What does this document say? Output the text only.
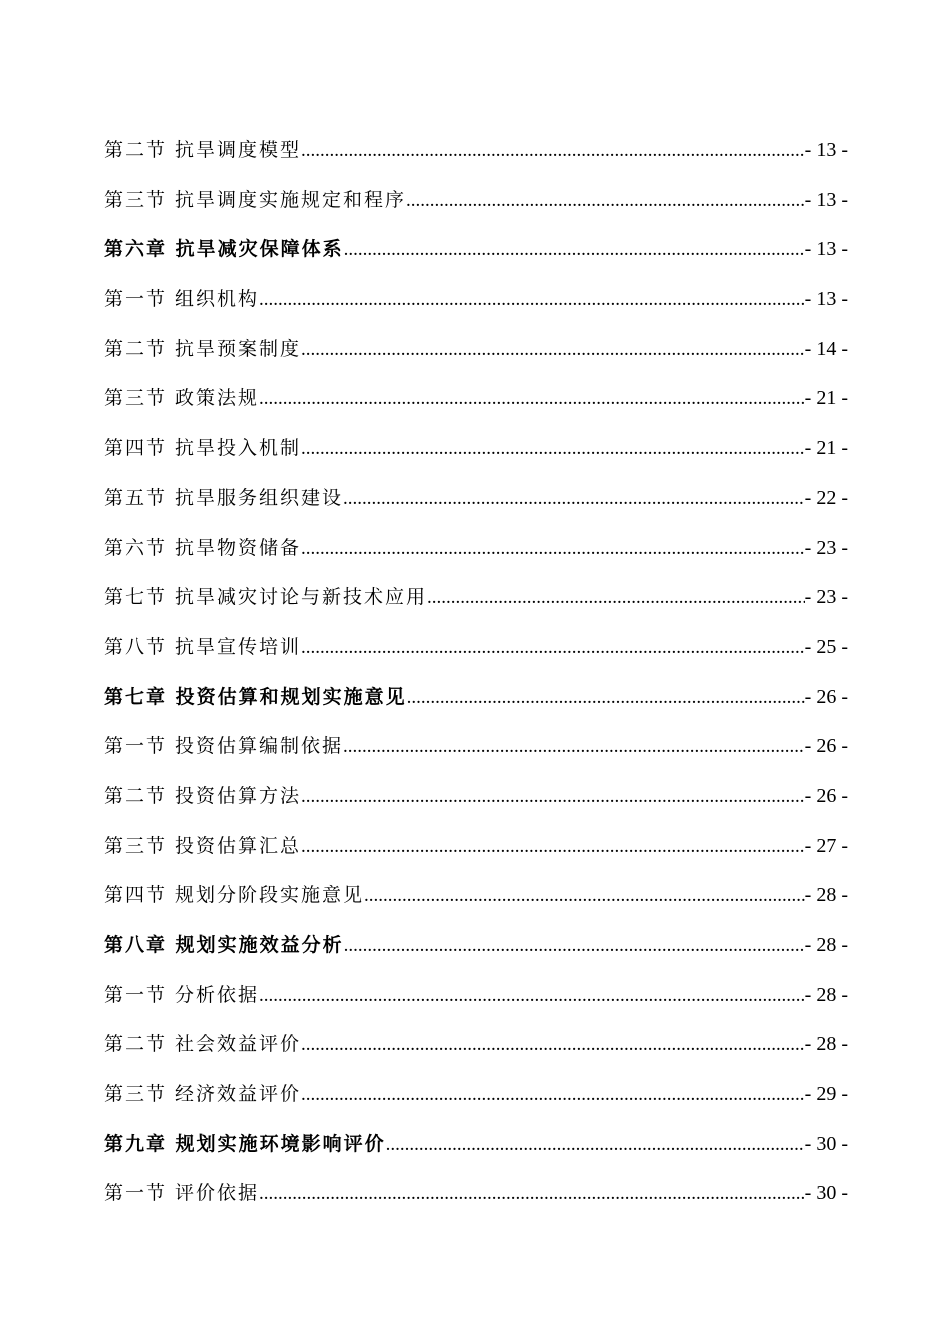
第二节 抗旱调度模型 .....	- 13 -
第三节 抗旱调度实施规定和程序 .....	- 13 -
第六章 抗旱减灾保障体系 .....	- 13 -
第一节 组织机构 .....	- 13 -
第二节 抗旱预案制度 .....	- 14 -
第三节 政策法规 .....	- 21 -
第四节 抗旱投入机制 .....	- 21 -
第五节 抗旱服务组织建设 .....	- 22 -
第六节 抗旱物资储备 .....	- 23 -
第七节 抗旱减灾讨论与新技术应用 .....	- 23 -
第八节 抗旱宣传培训 .....	- 25 -
第七章 投资估算和规划实施意见 .....	- 26 -
第一节 投资估算编制依据 .....	- 26 -
第二节 投资估算方法 .....	- 26 -
第三节 投资估算汇总 .....	- 27 -
第四节 规划分阶段实施意见 .....	- 28 -
第八章 规划实施效益分析 .....	- 28 -
第一节 分析依据 .....	- 28 -
第二节 社会效益评价 .....	- 28 -
第三节 经济效益评价 .....	- 29 -
第九章 规划实施环境影响评价 .....	- 30 -
第一节 评价依据 .....	- 30 -
